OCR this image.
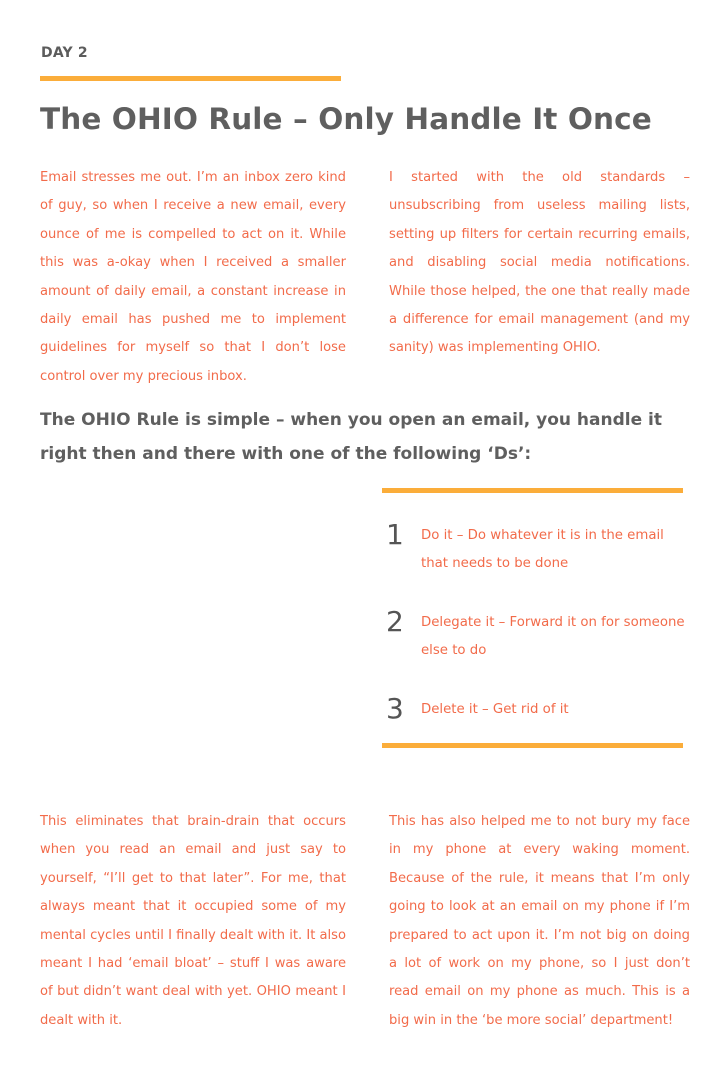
DAY 2
The OHIO Rule – Only Handle It Once

Email stresses me out. I’m an inbox zero kind of guy, so when I receive a new email, every ounce of me is compelled to act on it. While this was a-okay when I received a smaller amount of daily email, a constant increase in daily email has pushed me to implement guidelines for myself so that I don’t lose control over my precious inbox.

I started with the old standards – unsubscribing from useless mailing lists, setting up filters for certain recurring emails, and disabling social media notifications. While those helped, the one that really made a difference for email management (and my sanity) was implementing OHIO.

The OHIO Rule is simple – when you open an email, you handle it right then and there with one of the following ‘Ds’:

1	Do it – Do whatever it is in the email that needs to be done
2	Delegate it – Forward it on for someone else to do
3	Delete it – Get rid of it

This eliminates that brain-drain that occurs when you read an email and just say to yourself, “I’ll get to that later”. For me, that always meant that it occupied some of my mental cycles until I finally dealt with it. It also meant I had ‘email bloat’ – stuff I was aware of but didn’t want deal with yet. OHIO meant I dealt with it.

This has also helped me to not bury my face in my phone at every waking moment. Because of the rule, it means that I’m only going to look at an email on my phone if I’m prepared to act upon it. I’m not big on doing a lot of work on my phone, so I just don’t read email on my phone as much. This is a big win in the ‘be more social’ department!
